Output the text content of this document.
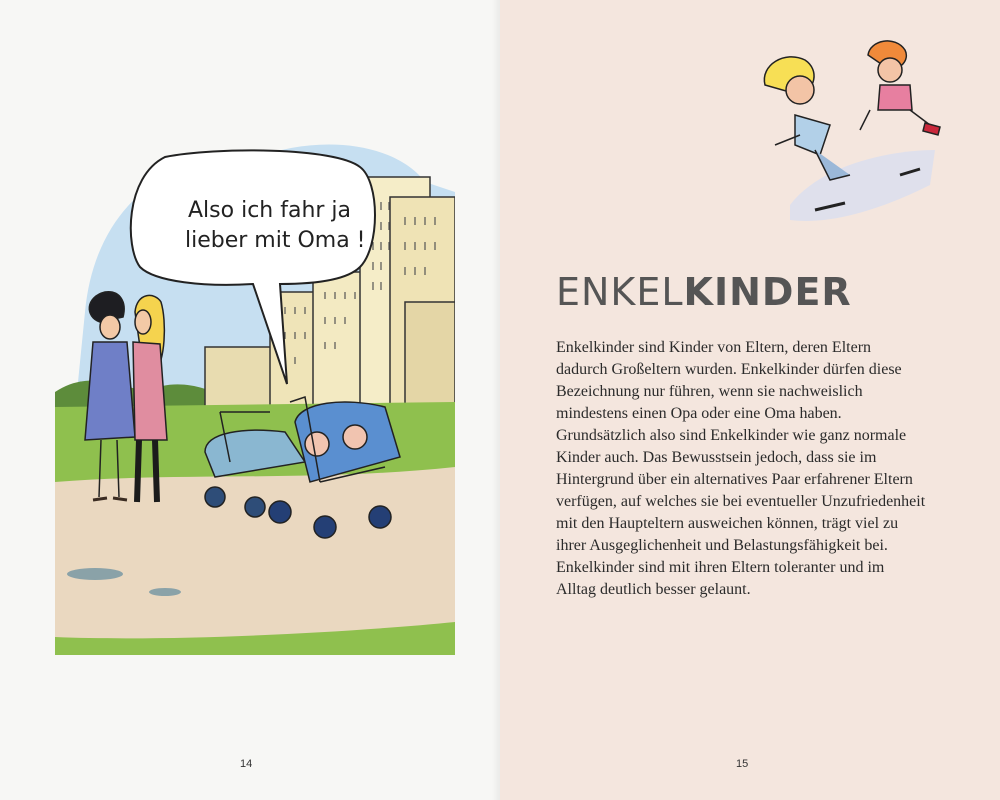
Also ich fahr ja
lieber mit Oma !
14
ENKELKINDER

Enkelkinder sind Kinder von Eltern, deren Eltern dadurch Großeltern wurden. Enkelkinder dürfen diese Bezeichnung nur führen, wenn sie nachweislich mindestens einen Opa oder eine Oma haben.

Grundsätzlich also sind Enkelkinder wie ganz normale Kinder auch. Das Bewusstsein jedoch, dass sie im Hintergrund über ein alternatives Paar erfahrener Eltern verfügen, auf welches sie bei eventueller Unzufriedenheit mit den Haupteltern ausweichen können, trägt viel zu ihrer Ausgeglichenheit und Belastungsfähigkeit bei. Enkelkinder sind mit ihren Eltern toleranter und im Alltag deutlich besser gelaunt.

15
